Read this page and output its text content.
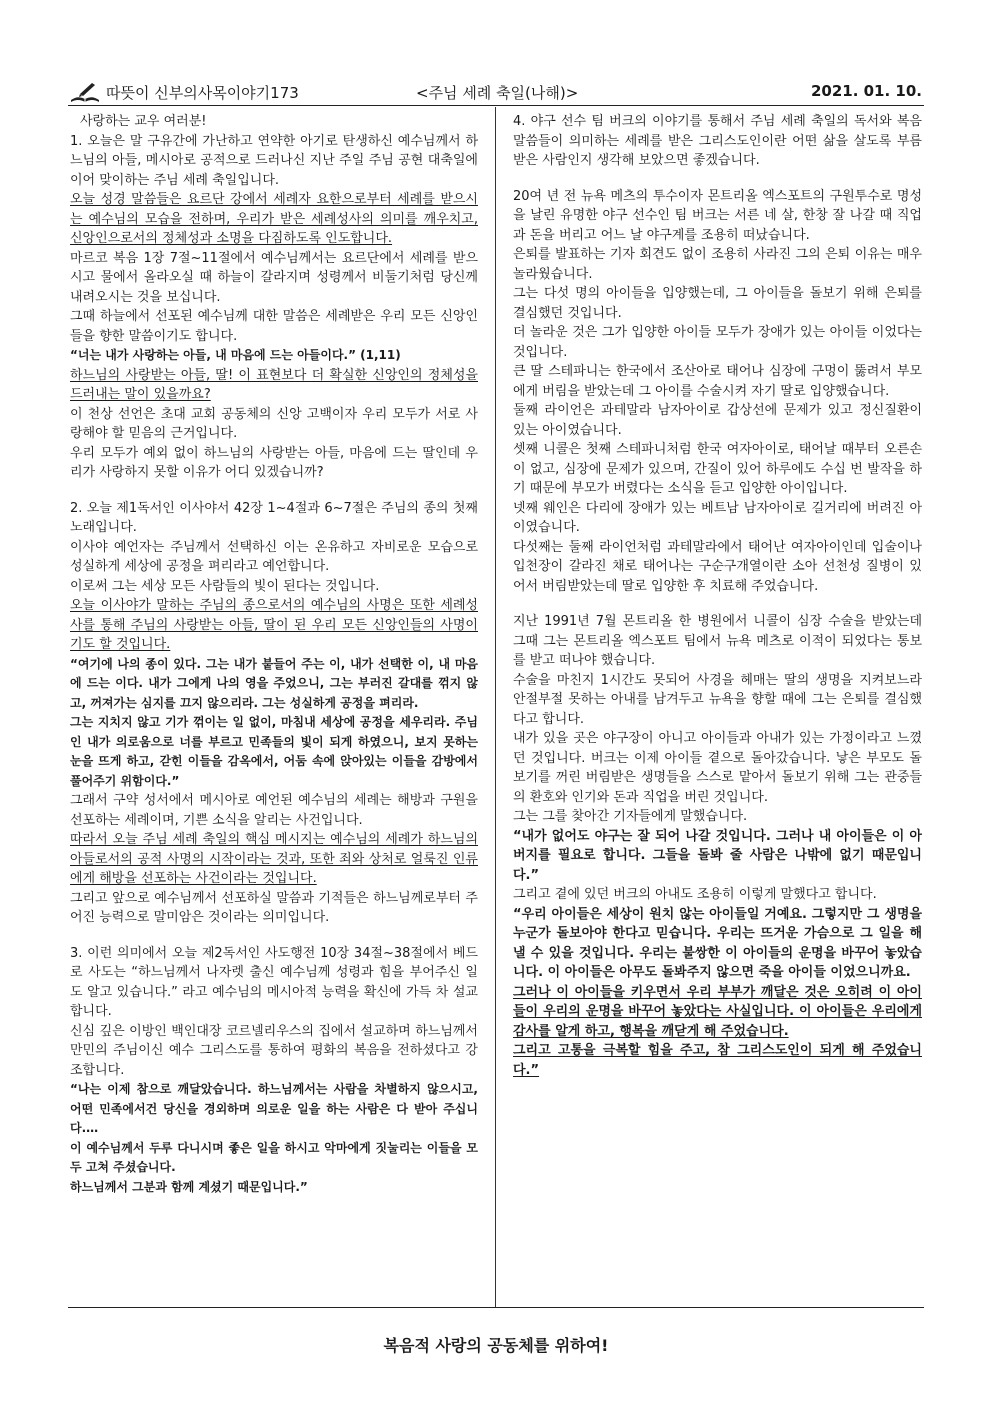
따뜻이 신부의사목이야기173	<주님 세례 축일(나해)>	2021. 01. 10.

사랑하는 교우 여러분!

1. 오늘은 말 구유간에 가난하고 연약한 아기로 탄생하신 예수님께서 하느님의 아들, 메시아로 공적으로 드러나신 지난 주일 주님 공현 대축일에 이어 맞이하는 주님 세례 축일입니다.

오늘 성경 말씀들은 요르단 강에서 세례자 요한으로부터 세례를 받으시는 예수님의 모습을 전하며, 우리가 받은 세례성사의 의미를 깨우치고, 신앙인으로서의 정체성과 소명을 다짐하도록 인도합니다.

마르코 복음 1장 7절~11절에서 예수님께서는 요르단에서 세례를 받으시고 물에서 올라오실 때 하늘이 갈라지며 성령께서 비둘기처럼 당신께 내려오시는 것을 보십니다.

그때 하늘에서 선포된 예수님께 대한 말씀은 세례받은 우리 모든 신앙인들을 향한 말씀이기도 합니다.

“너는 내가 사랑하는 아들, 내 마음에 드는 아들이다.” (1,11)

하느님의 사랑받는 아들, 딸! 이 표현보다 더 확실한 신앙인의 정체성을 드러내는 말이 있을까요?

이 천상 선언은 초대 교회 공동체의 신앙 고백이자 우리 모두가 서로 사랑해야 할 믿음의 근거입니다.

우리 모두가 예외 없이 하느님의 사랑받는 아들, 마음에 드는 딸인데 우리가 사랑하지 못할 이유가 어디 있겠습니까?

2. 오늘 제1독서인 이사야서 42장 1~4절과 6~7절은 주님의 종의 첫째 노래입니다.

이사야 예언자는 주님께서 선택하신 이는 온유하고 자비로운 모습으로 성실하게 세상에 공정을 펴리라고 예언합니다.

이로써 그는 세상 모든 사람들의 빛이 된다는 것입니다.

오늘 이사야가 말하는 주님의 종으로서의 예수님의 사명은 또한 세례성사를 통해 주님의 사랑받는 아들, 딸이 된 우리 모든 신앙인들의 사명이기도 할 것입니다.

“여기에 나의 종이 있다. 그는 내가 붙들어 주는 이, 내가 선택한 이, 내 마음에 드는 이다. 내가 그에게 나의 영을 주었으니, 그는 부러진 갈대를 꺾지 않고, 꺼져가는 심지를 끄지 않으리라. 그는 성실하게 공정을 펴리라.

그는 지치지 않고 기가 꺾이는 일 없이, 마침내 세상에 공정을 세우리라. 주님인 내가 의로움으로 너를 부르고 민족들의 빛이 되게 하였으니, 보지 못하는 눈을 뜨게 하고, 갇힌 이들을 감옥에서, 어둠 속에 앉아있는 이들을 감방에서 풀어주기 위함이다.”

그래서 구약 성서에서 메시아로 예언된 예수님의 세례는 해방과 구원을 선포하는 세례이며, 기쁜 소식을 알리는 사건입니다.

따라서 오늘 주님 세례 축일의 핵심 메시지는 예수님의 세례가 하느님의 아들로서의 공적 사명의 시작이라는 것과, 또한 죄와 상처로 얼룩진 인류에게 해방을 선포하는 사건이라는 것입니다.

그리고 앞으로 예수님께서 선포하실 말씀과 기적들은 하느님께로부터 주어진 능력으로 말미암은 것이라는 의미입니다.

3. 이런 의미에서 오늘 제2독서인 사도행전 10장 34절~38절에서 베드로 사도는 “하느님께서 나자렛 출신 예수님께 성령과 힘을 부어주신 일도 알고 있습니다.” 라고 예수님의 메시아적 능력을 확신에 가득 차 설교합니다.

신심 깊은 이방인 백인대장 코르넬리우스의 집에서 설교하며 하느님께서 만민의 주님이신 예수 그리스도를 통하여 평화의 복음을 전하셨다고 강조합니다.

“나는 이제 참으로 깨달았습니다. 하느님께서는 사람을 차별하지 않으시고, 어떤 민족에서건 당신을 경외하며 의로운 일을 하는 사람은 다 받아 주십니다.…

이 예수님께서 두루 다니시며 좋은 일을 하시고 악마에게 짓눌리는 이들을 모두 고쳐 주셨습니다.

하느님께서 그분과 함께 계셨기 때문입니다.”

4. 야구 선수 팀 버크의 이야기를 통해서 주님 세례 축일의 독서와 복음 말씀들이 의미하는 세례를 받은 그리스도인이란 어떤 삶을 살도록 부름 받은 사람인지 생각해 보았으면 좋겠습니다.

20여 년 전 뉴욕 메츠의 투수이자 몬트리올 엑스포트의 구원투수로 명성을 날린 유명한 야구 선수인 팀 버크는 서른 네 살, 한창 잘 나갈 때 직업과 돈을 버리고 어느 날 야구계를 조용히 떠났습니다.

은퇴를 발표하는 기자 회견도 없이 조용히 사라진 그의 은퇴 이유는 매우 놀라웠습니다.

그는 다섯 명의 아이들을 입양했는데, 그 아이들을 돌보기 위해 은퇴를 결심했던 것입니다.

더 놀라운 것은 그가 입양한 아이들 모두가 장애가 있는 아이들 이었다는 것입니다.

큰 딸 스테파니는 한국에서 조산아로 태어나 심장에 구멍이 뚫려서 부모에게 버림을 받았는데 그 아이를 수술시켜 자기 딸로 입양했습니다.

둘째 라이언은 과테말라 남자아이로 갑상선에 문제가 있고 정신질환이 있는 아이였습니다.

셋째 니콜은 첫째 스테파니처럼 한국 여자아이로, 태어날 때부터 오른손이 없고, 심장에 문제가 있으며, 간질이 있어 하루에도 수십 번 발작을 하기 때문에 부모가 버렸다는 소식을 듣고 입양한 아이입니다.

넷째 웨인은 다리에 장애가 있는 베트남 남자아이로 길거리에 버려진 아이였습니다.

다섯째는 둘째 라이언처럼 과테말라에서 태어난 여자아이인데 입술이나 입천장이 갈라진 채로 태어나는 구순구개열이란 소아 선천성 질병이 있어서 버림받았는데 딸로 입양한 후 치료해 주었습니다.

지난 1991년 7월 몬트리올 한 병원에서 니콜이 심장 수술을 받았는데 그때 그는 몬트리올 엑스포트 팀에서 뉴욕 메츠로 이적이 되었다는 통보를 받고 떠나야 했습니다.

수술을 마친지 1시간도 못되어 사경을 헤매는 딸의 생명을 지켜보느라 안절부절 못하는 아내를 남겨두고 뉴욕을 향할 때에 그는 은퇴를 결심했다고 합니다.

내가 있을 곳은 야구장이 아니고 아이들과 아내가 있는 가정이라고 느꼈던 것입니다. 버크는 이제 아이들 곁으로 돌아갔습니다. 낳은 부모도 돌보기를 꺼린 버림받은 생명들을 스스로 맡아서 돌보기 위해 그는 관중들의 환호와 인기와 돈과 직업을 버린 것입니다.

그는 그를 찾아간 기자들에게 말했습니다.

“내가 없어도 야구는 잘 되어 나갈 것입니다. 그러나 내 아이들은 이 아버지를 필요로 합니다. 그들을 돌봐 줄 사람은 나밖에 없기 때문입니다.”

그리고 곁에 있던 버크의 아내도 조용히 이렇게 말했다고 합니다.

“우리 아이들은 세상이 원치 않는 아이들일 거예요. 그렇지만 그 생명을 누군가 돌보아야 한다고 믿습니다. 우리는 뜨거운 가슴으로 그 일을 해낼 수 있을 것입니다. 우리는 불쌍한 이 아이들의 운명을 바꾸어 놓았습니다. 이 아이들은 아무도 돌봐주지 않으면 죽을 아이들 이었으니까요.

그러나 이 아이들을 키우면서 우리 부부가 깨달은 것은 오히려 이 아이들이 우리의 운명을 바꾸어 놓았다는 사실입니다. 이 아이들은 우리에게 감사를 알게 하고, 행복을 깨닫게 해 주었습니다.

그리고 고통을 극복할 힘을 주고, 참 그리스도인이 되게 해 주었습니다.”

복음적 사랑의 공동체를 위하여!
